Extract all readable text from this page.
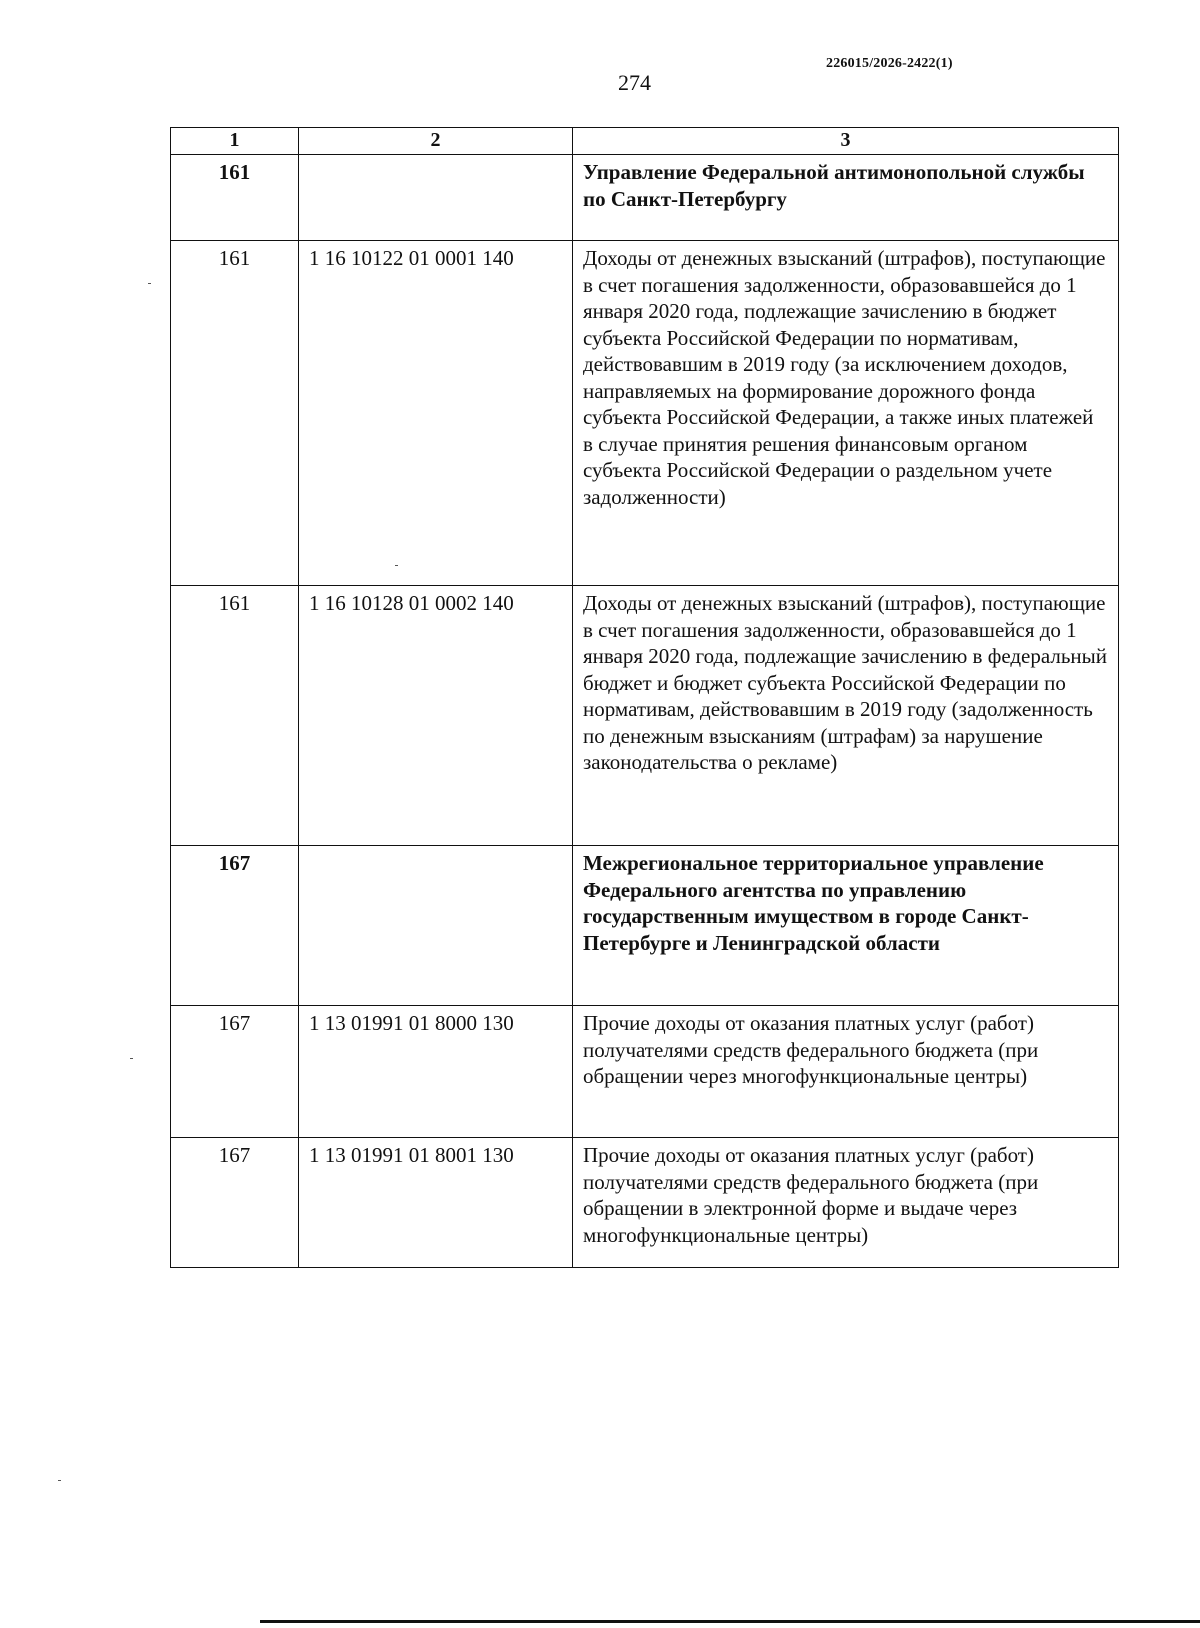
226015/2026-2422(1)
274
1	2	3
161		Управление Федеральной антимонопольной службы по Санкт-Петербургу
161	1 16 10122 01 0001 140	Доходы от денежных взысканий (штрафов), поступающие в счет погашения задолженности, образовавшейся до 1 января 2020 года, подлежащие зачислению в бюджет субъекта Российской Федерации по нормативам, действовавшим в 2019 году (за исключением доходов, направляемых на формирование дорожного фонда субъекта Российской Федерации, а также иных платежей в случае принятия решения финансовым органом субъекта Российской Федерации о раздельном учете задолженности)
161	1 16 10128 01 0002 140	Доходы от денежных взысканий (штрафов), поступающие в счет погашения задолженности, образовавшейся до 1 января 2020 года, подлежащие зачислению в федеральный бюджет и бюджет субъекта Российской Федерации по нормативам, действовавшим в 2019 году (задолженность по денежным взысканиям (штрафам) за нарушение законодательства о рекламе)
167		Межрегиональное территориальное управление Федерального агентства по управлению государственным имуществом в городе Санкт-Петербурге и Ленинградской области
167	1 13 01991 01 8000 130	Прочие доходы от оказания платных услуг (работ) получателями средств федерального бюджета (при обращении через многофункциональные центры)
167	1 13 01991 01 8001 130	Прочие доходы от оказания платных услуг (работ) получателями средств федерального бюджета (при обращении в электронной форме и выдаче через многофункциональные центры)
